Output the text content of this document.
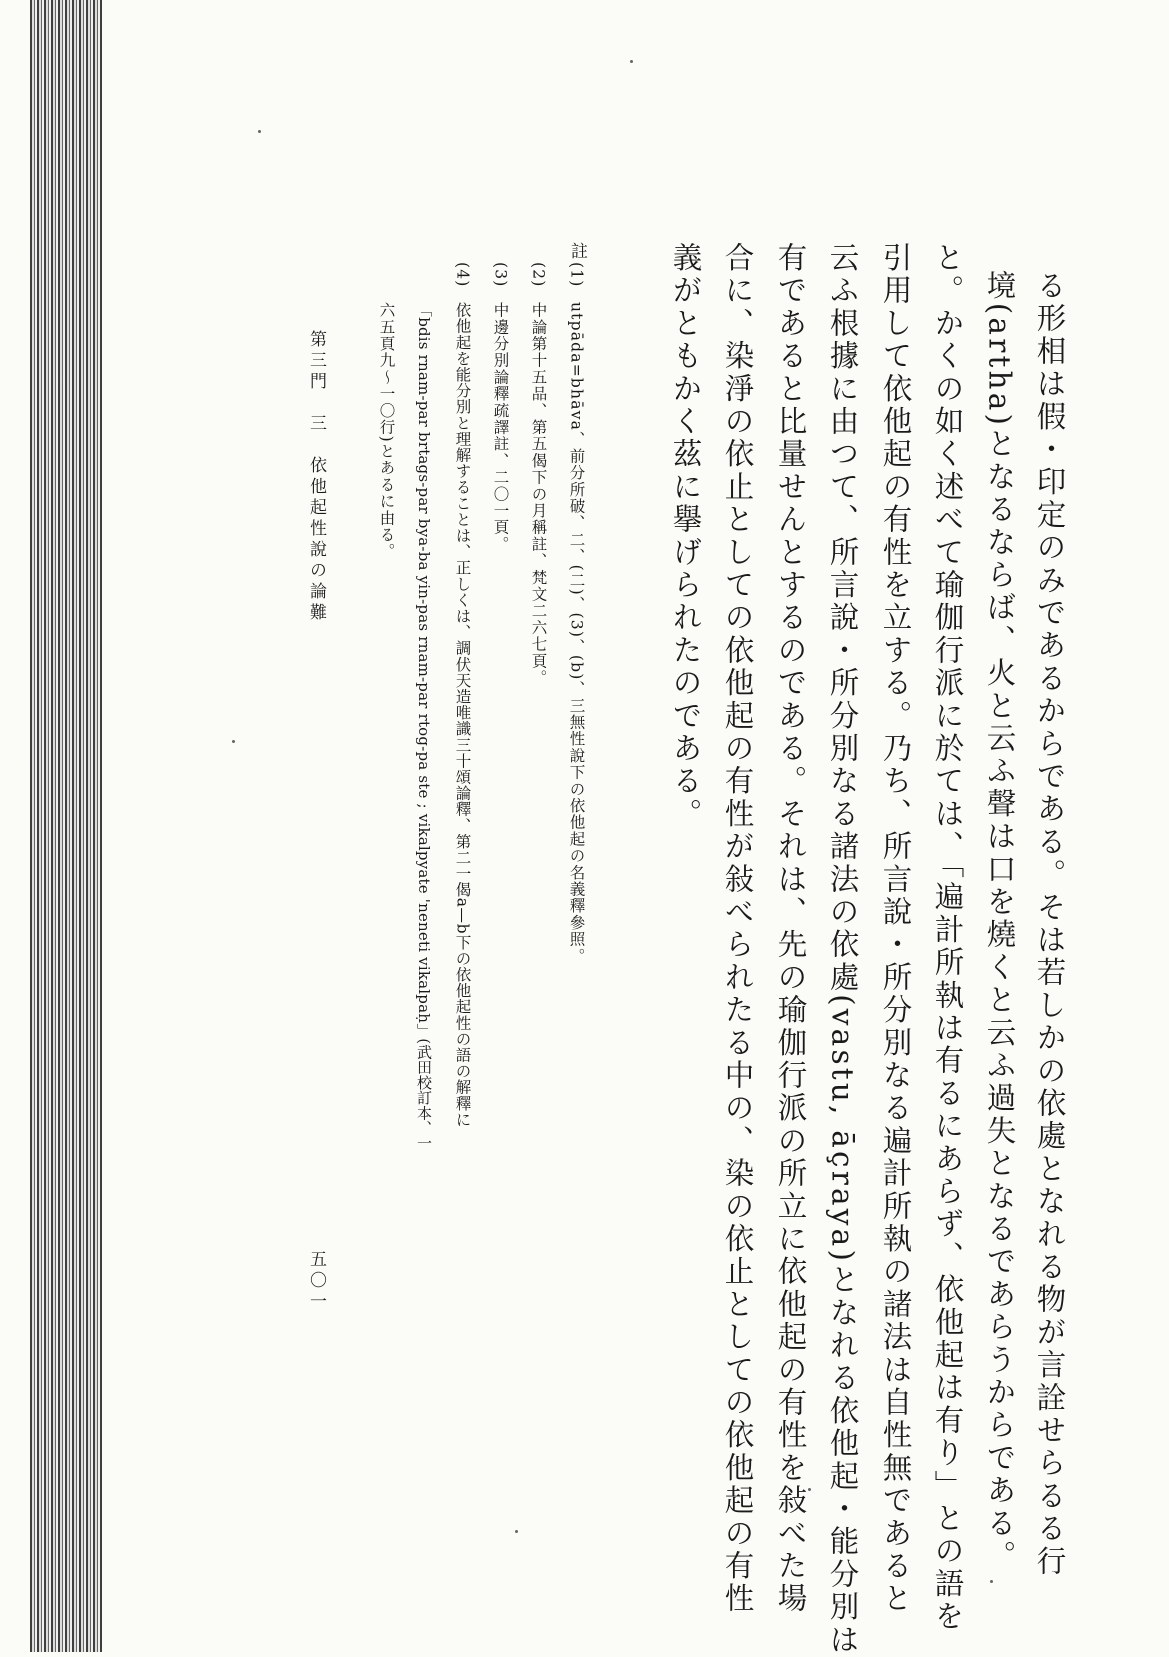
る形相は假・印定のみであるからである。そは若しかの依處となれる物が言詮せらるる行
境(artha)となるならば、火と云ふ聲は口を燒くと云ふ過失となるであらうからである。
と。かくの如く述べて瑜伽行派に於ては、「遍計所執は有るにあらず、依他起は有り」との語を
引用して依他起の有性を立する。乃ち、所言說・所分別なる遍計所執の諸法は自性無であると
云ふ根據に由つて、所言說・所分別なる諸法の依處(vastu, āçraya)となれる依他起・能分別は
有であると比量せんとするのである。それは、先の瑜伽行派の所立に依他起の有性を敍べた場
合に、染淨の依止としての依他起の有性が敍べられたる中の、染の依止としての依他起の有性
義がともかく茲に擧げられたのである。
註
(1)
utpāda=bhāva、前分所破、二、(二)、(3)、(b)、三無性說下の依他起の名義釋參照。
(2)
中論第十五品、第五偈下の月稱註、梵文二六七頁。
(3)
中邊分別論釋疏譯註、二〇一頁。
(4)
依他起を能分別と理解することは、正しくは、調伏天造唯識三十頌論釋、第二一偈a—b下の依他起性の語の解釋に
「bdis rnam-par brtags-par bya-ba yin-pas rnam-par rtog-pa ste ; vikalpyate 'neneti vikalpaḥ」(武田校訂本、一
六五頁九〜一〇行)とあるに由る。
第三門　三　依他起性說の論難
五〇一
